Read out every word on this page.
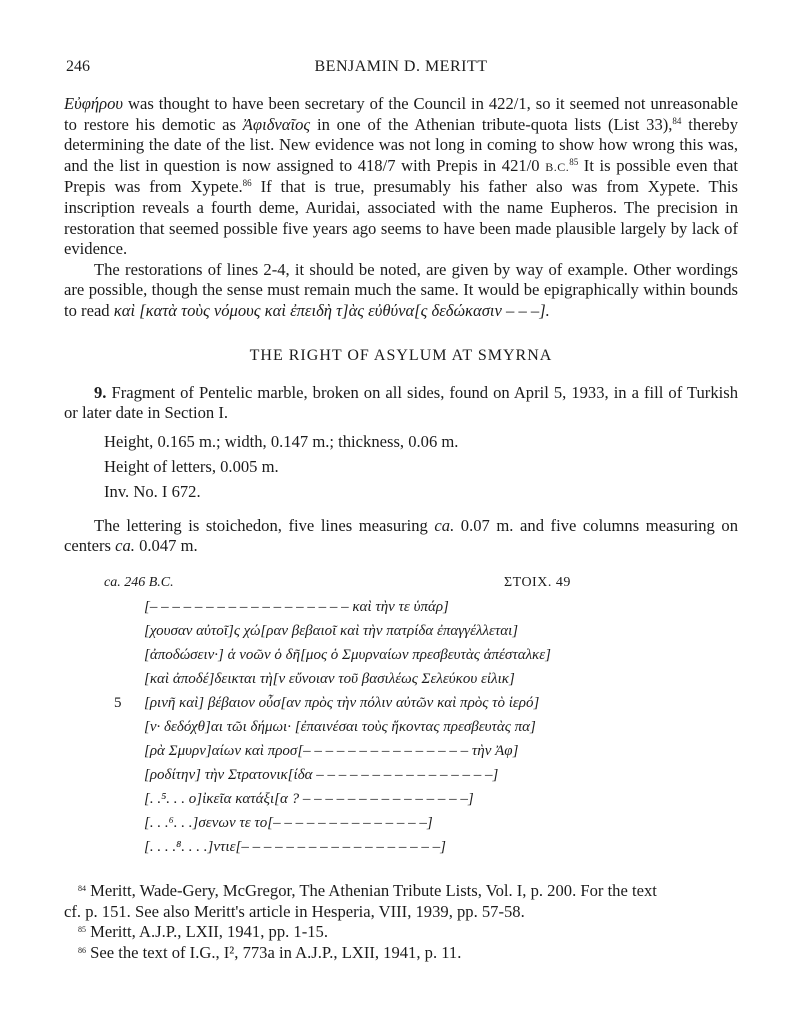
246	BENJAMIN D. MERITT

Εὐφήρου was thought to have been secretary of the Council in 422/1, so it seemed not unreasonable to restore his demotic as Ἀφιδναῖος in one of the Athenian tribute-quota lists (List 33),$^{84}$ thereby determining the date of the list. New evidence was not long in coming to show how wrong this was, and the list in question is now assigned to 418/7 with Prepis in 421/0 B.C.$^{85}$ It is possible even that Prepis was from Xypete.$^{86}$ If that is true, presumably his father also was from Xypete. This inscription reveals a fourth deme, Auridai, associated with the name Eupheros. The precision in restoration that seemed possible five years ago seems to have been made plausible largely by lack of evidence.

The restorations of lines 2-4, it should be noted, are given by way of example. Other wordings are possible, though the sense must remain much the same. It would be epigraphically within bounds to read καὶ [κατὰ τοὺς νόμους καὶ ἐπειδὴ τ]ὰς εὐθύνα[ς δεδώκασιν – – –].

THE RIGHT OF ASYLUM AT SMYRNA

9. Fragment of Pentelic marble, broken on all sides, found on April 5, 1933, in a fill of Turkish or later date in Section I.

Height, 0.165 m.; width, 0.147 m.; thickness, 0.06 m.
Height of letters, 0.005 m.
Inv. No. I 672.

The lettering is stoichedon, five lines measuring ca. 0.07 m. and five columns measuring on centers ca. 0.047 m.

ca. 246 B.C.	ΣΤΟΙΧ. 49
[– – – – – – – – – – – – – – – – – – καὶ τὴν τε ὑπάρ]
[χουσαν αὐτοῖ]ς χώ[ραν βεβαιοῖ καὶ τὴν πατρίδα ἐπαγγέλλεται]
[ἀποδώσειν·] ἁ νοῶν ὁ δῆ[μος ὁ Σμυρναίων πρεσβευτὰς ἀπέσταλκε]
[καὶ ἀποδέ]δεικται τὴ[ν εὔνοιαν τοῦ βασιλέως Σελεύκου εἰλικ]
5 [ρινῆ καὶ] βέβαιον οὖσ[αν πρὸς τὴν πόλιν αὐτῶν καὶ πρὸς τὸ ἱερό]
[ν· δεδόχθ]αι τῶι δήμωι· [ἐπαινέσαι τοὺς ἥκοντας πρεσβευτὰς πα]
[ρὰ Σμυρν]αίων καὶ προσ[– – – – – – – – – – – – – – – τὴν Ἀφ]
[ροδίτην] τὴν Στρατονικ[ίδα – – – – – – – – – – – – – – – –]
[. .⁵. . . ο]ἰκεῖα κατάξι[α ? – – – – – – – – – – – – – – –]
[. . .⁶. . .]σενων τε το[– – – – – – – – – – – – – –]
[. . . .⁸. . . .]ντιε[– – – – – – – – – – – – – – – – – –]

$^{84}$ Meritt, Wade-Gery, McGregor, The Athenian Tribute Lists, Vol. I, p. 200. For the text

cf. p. 151. See also Meritt's article in Hesperia, VIII, 1939, pp. 57-58.

$^{85}$ Meritt, A.J.P., LXII, 1941, pp. 1-15.

$^{86}$ See the text of I.G., I², 773a in A.J.P., LXII, 1941, p. 11.
